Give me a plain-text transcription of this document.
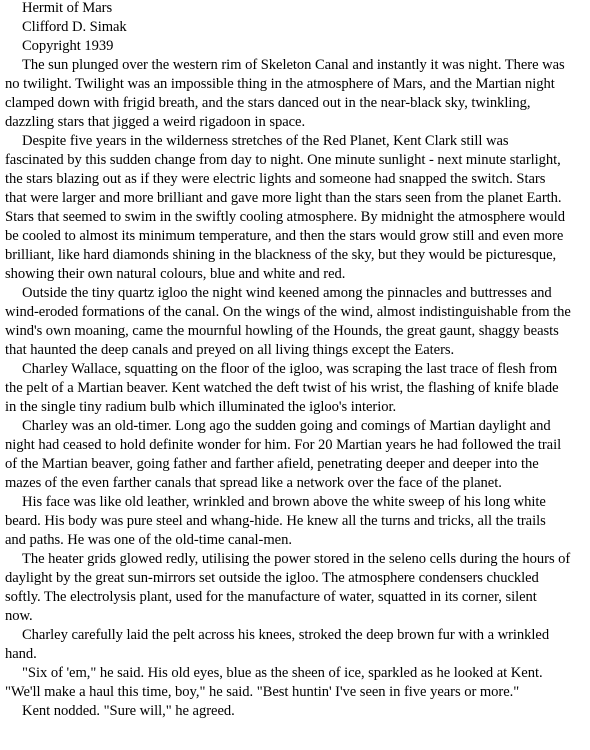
Hermit of Mars
Clifford D. Simak
Copyright 1939
The sun plunged over the western rim of Skeleton Canal and instantly it was night. There was
no twilight. Twilight was an impossible thing in the atmosphere of Mars, and the Martian night
clamped down with frigid breath, and the stars danced out in the near-black sky, twinkling,
dazzling stars that jigged a weird rigadoon in space.
Despite five years in the wilderness stretches of the Red Planet, Kent Clark still was
fascinated by this sudden change from day to night. One minute sunlight - next minute starlight,
the stars blazing out as if they were electric lights and someone had snapped the switch. Stars
that were larger and more brilliant and gave more light than the stars seen from the planet Earth.
Stars that seemed to swim in the swiftly cooling atmosphere. By midnight the atmosphere would
be cooled to almost its minimum temperature, and then the stars would grow still and even more
brilliant, like hard diamonds shining in the blackness of the sky, but they would be picturesque,
showing their own natural colours, blue and white and red.
Outside the tiny quartz igloo the night wind keened among the pinnacles and buttresses and
wind-eroded formations of the canal. On the wings of the wind, almost indistinguishable from the
wind's own moaning, came the mournful howling of the Hounds, the great gaunt, shaggy beasts
that haunted the deep canals and preyed on all living things except the Eaters.
Charley Wallace, squatting on the floor of the igloo, was scraping the last trace of flesh from
the pelt of a Martian beaver. Kent watched the deft twist of his wrist, the flashing of knife blade
in the single tiny radium bulb which illuminated the igloo's interior.
Charley was an old-timer. Long ago the sudden going and comings of Martian daylight and
night had ceased to hold definite wonder for him. For 20 Martian years he had followed the trail
of the Martian beaver, going father and farther afield, penetrating deeper and deeper into the
mazes of the even farther canals that spread like a network over the face of the planet.
His face was like old leather, wrinkled and brown above the white sweep of his long white
beard. His body was pure steel and whang-hide. He knew all the turns and tricks, all the trails
and paths. He was one of the old-time canal-men.
The heater grids glowed redly, utilising the power stored in the seleno cells during the hours of
daylight by the great sun-mirrors set outside the igloo. The atmosphere condensers chuckled
softly. The electrolysis plant, used for the manufacture of water, squatted in its corner, silent
now.
Charley carefully laid the pelt across his knees, stroked the deep brown fur with a wrinkled
hand.
"Six of 'em," he said. His old eyes, blue as the sheen of ice, sparkled as he looked at Kent.
"We'll make a haul this time, boy," he said. "Best huntin' I've seen in five years or more."
Kent nodded. "Sure will," he agreed.
